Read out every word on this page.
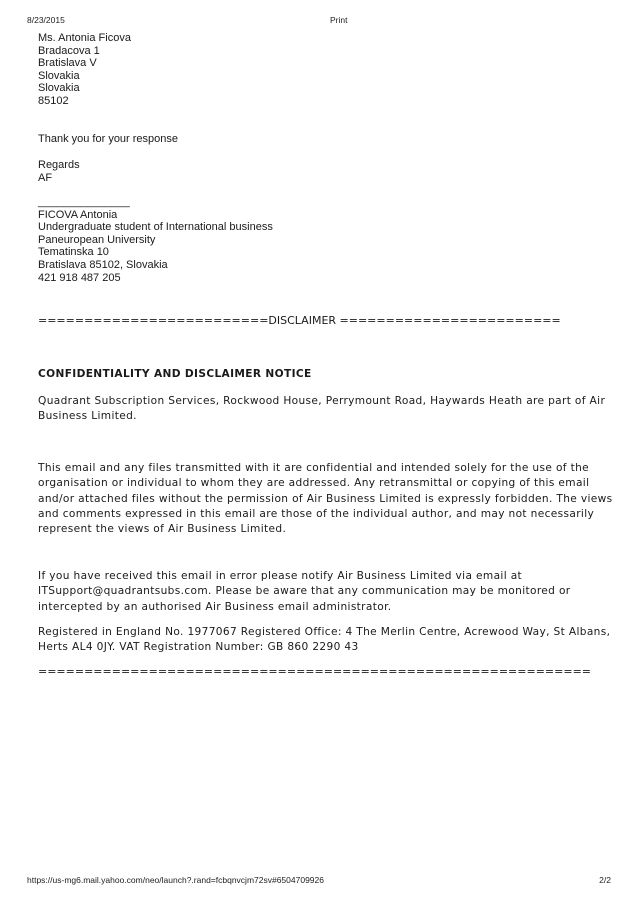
8/23/2015	Print
Ms. Antonia Ficova
Bradacova 1
Bratislava V
Slovakia
Slovakia
85102
Thank you for your response
Regards
AF
_______________
FICOVA Antonia
Undergraduate student of International business
Paneuropean University
Tematinska 10
Bratislava 85102, Slovakia
421 918 487 205
=========================DISCLAIMER ========================
CONFIDENTIALITY AND DISCLAIMER NOTICE
Quadrant Subscription Services, Rockwood House, Perrymount Road, Haywards Heath are part of Air Business Limited.
This email and any files transmitted with it are confidential and intended solely for the use of the organisation or individual to whom they are addressed. Any retransmittal or copying of this email and/or attached files without the permission of Air Business Limited is expressly forbidden. The views and comments expressed in this email are those of the individual author, and may not necessarily represent the views of Air Business Limited.
If you have received this email in error please notify Air Business Limited via email at ITSupport@quadrantsubs.com. Please be aware that any communication may be monitored or intercepted by an authorised Air Business email administrator.
Registered in England No. 1977067 Registered Office: 4 The Merlin Centre, Acrewood Way, St Albans, Herts AL4 0JY. VAT Registration Number: GB 860 2290 43
============================================================
https://us-mg6.mail.yahoo.com/neo/launch?.rand=fcbqnvcjm72sv#6504709926	2/2
